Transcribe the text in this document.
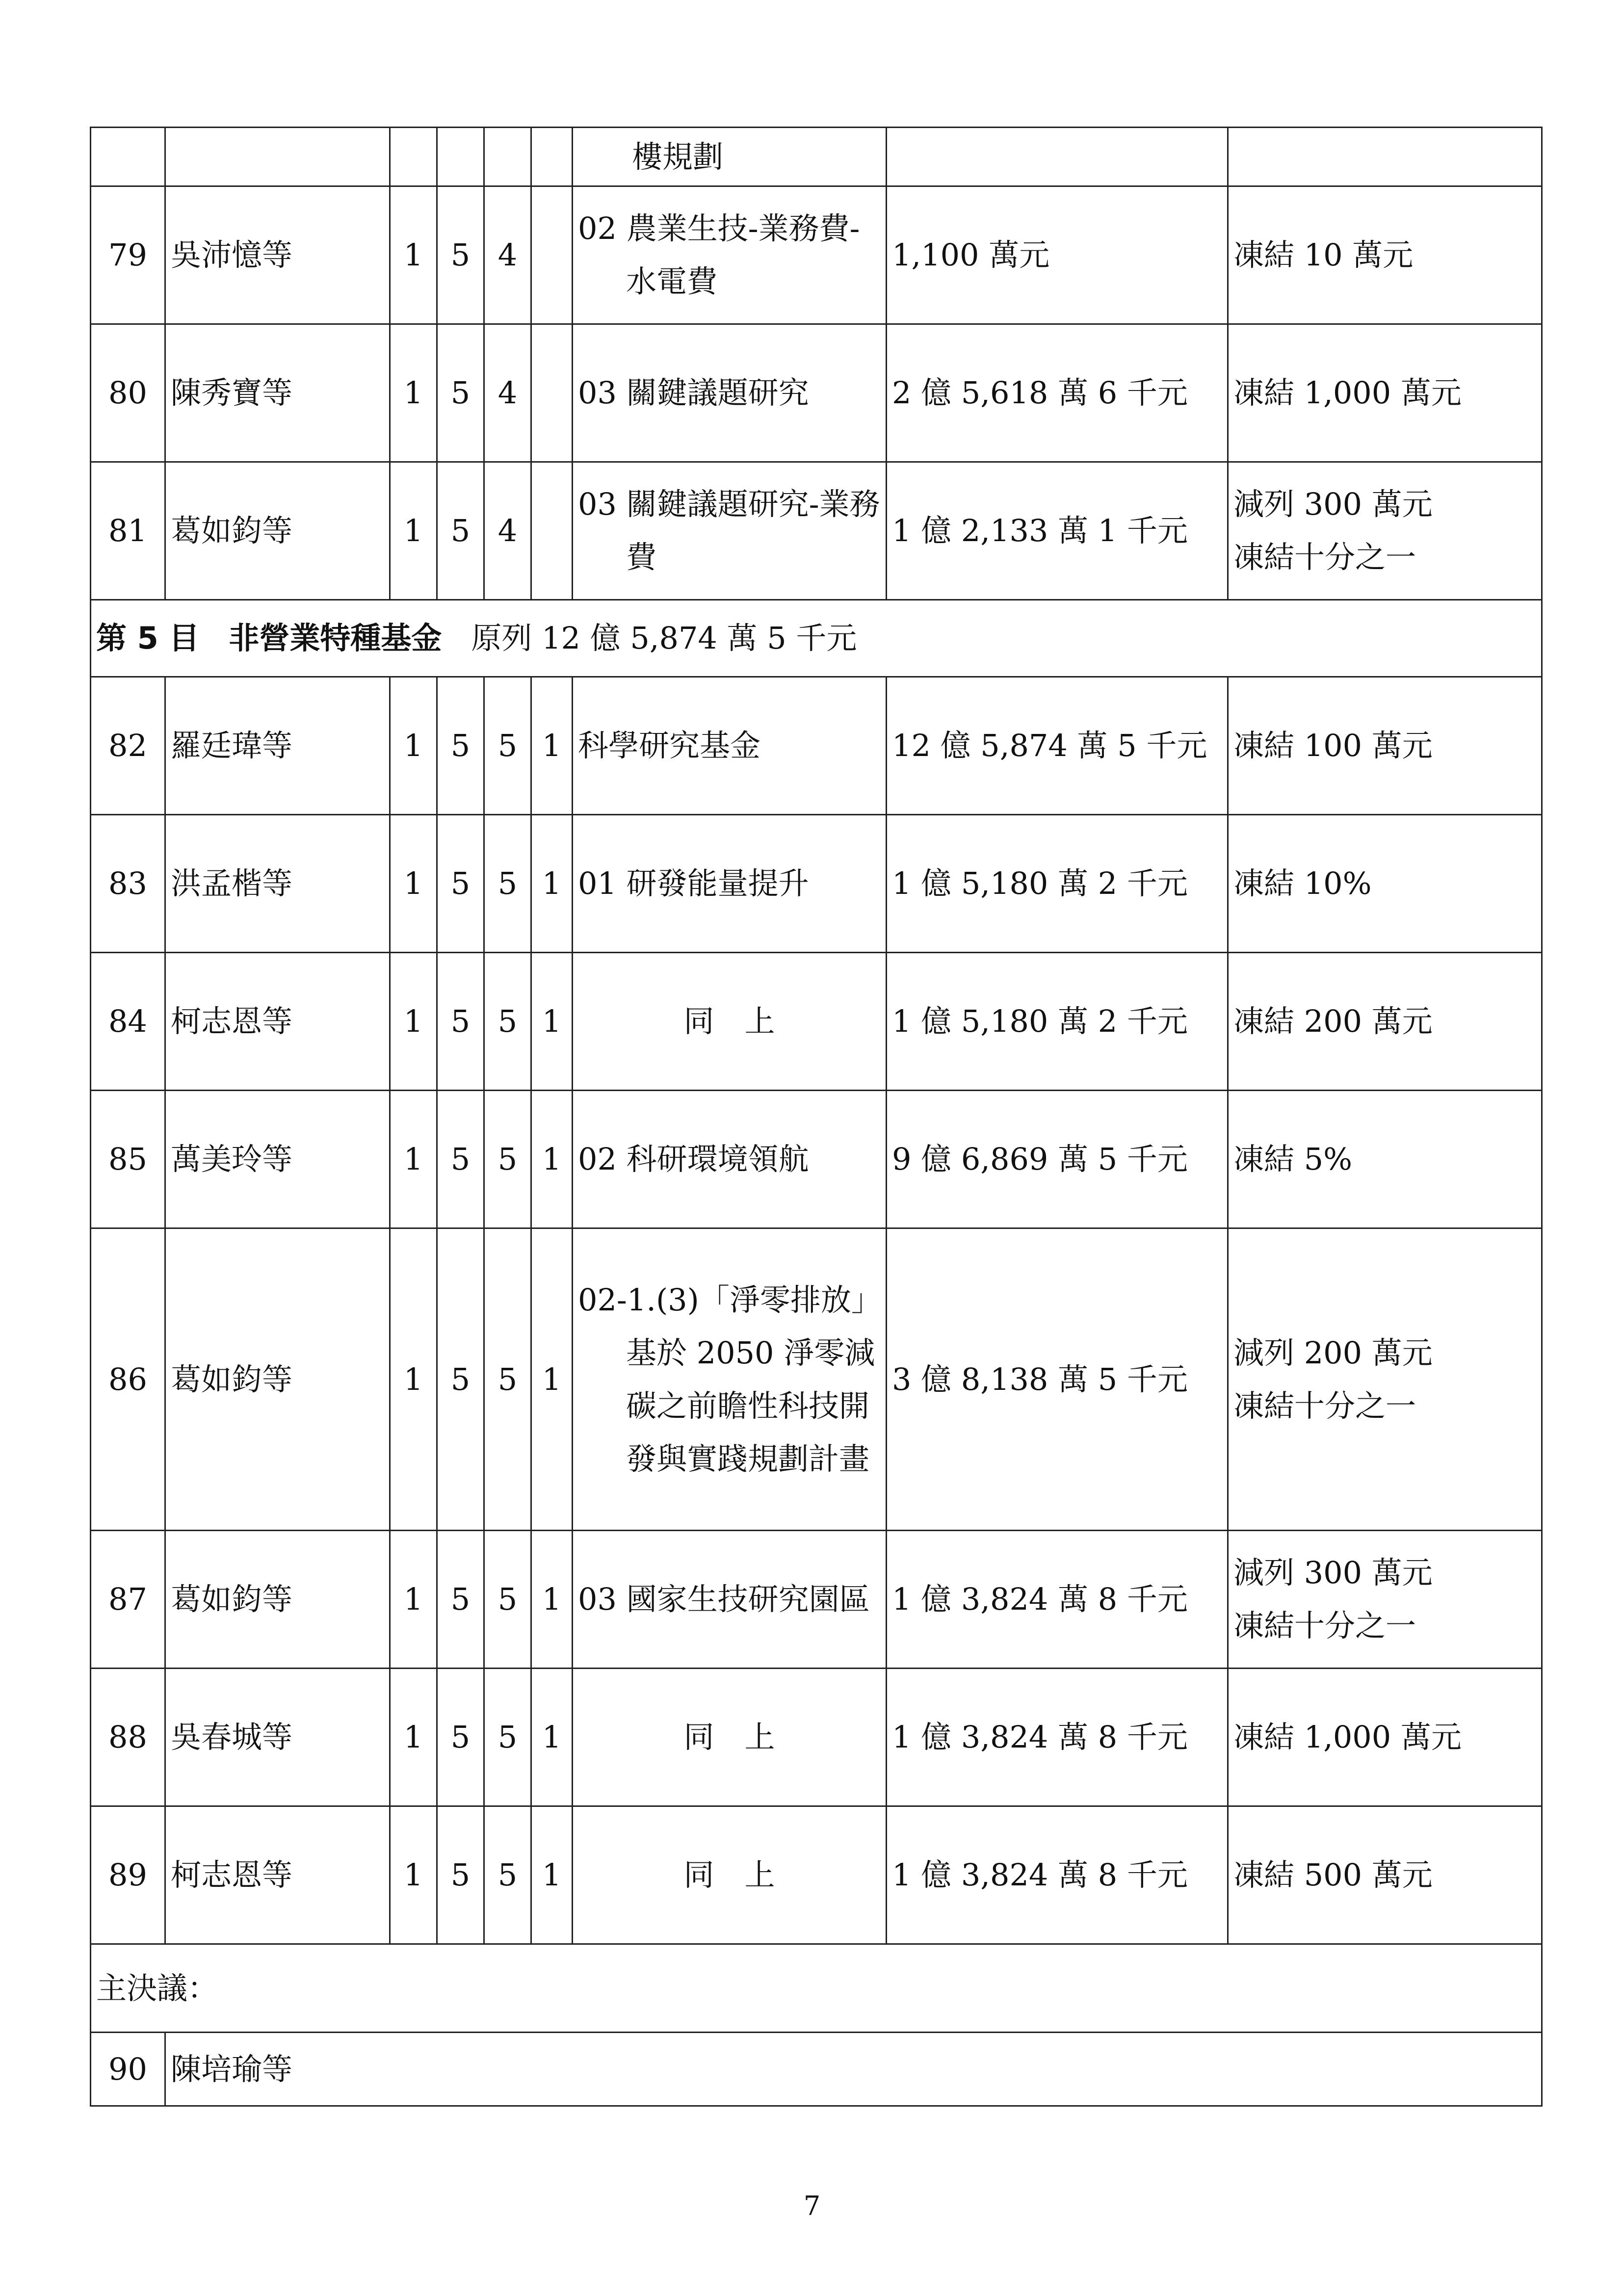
						樓規劃		

79	吳沛憶等	1	5	4		02 農業生技-業務費-水電費	1,100 萬元	凍結 10 萬元
80	陳秀寶等	1	5	4		03 關鍵議題研究	2 億 5,618 萬 6 千元	凍結 1,000 萬元
81	葛如鈞等	1	5	4		03 關鍵議題研究-業務費	1 億 2,133 萬 1 千元	減列 300 萬元
凍結十分之一

第 5 目 非營業特種基金 原列 12 億 5,874 萬 5 千元								
82	羅廷瑋等	1	5	5	1	科學研究基金	12 億 5,874 萬 5 千元	凍結 100 萬元
83	洪孟楷等	1	5	5	1	01 研發能量提升	1 億 5,180 萬 2 千元	凍結 10%
84	柯志恩等	1	5	5	1	同　上	1 億 5,180 萬 2 千元	凍結 200 萬元
85	萬美玲等	1	5	5	1	02 科研環境領航	9 億 6,869 萬 5 千元	凍結 5%
86	葛如鈞等	1	5	5	1	02-1.(3)「淨零排放」基於 2050 淨零減碳之前瞻性科技開發與實踐規劃計畫	3 億 8,138 萬 5 千元	減列 200 萬元
凍結十分之一

87	葛如鈞等	1	5	5	1	03 國家生技研究園區	1 億 3,824 萬 8 千元	減列 300 萬元
凍結十分之一

88	吳春城等	1	5	5	1	同　上	1 億 3,824 萬 8 千元	凍結 1,000 萬元
89	柯志恩等	1	5	5	1	同　上	1 億 3,824 萬 8 千元	凍結 500 萬元
主決議：								
90	陳培瑜等							
7
